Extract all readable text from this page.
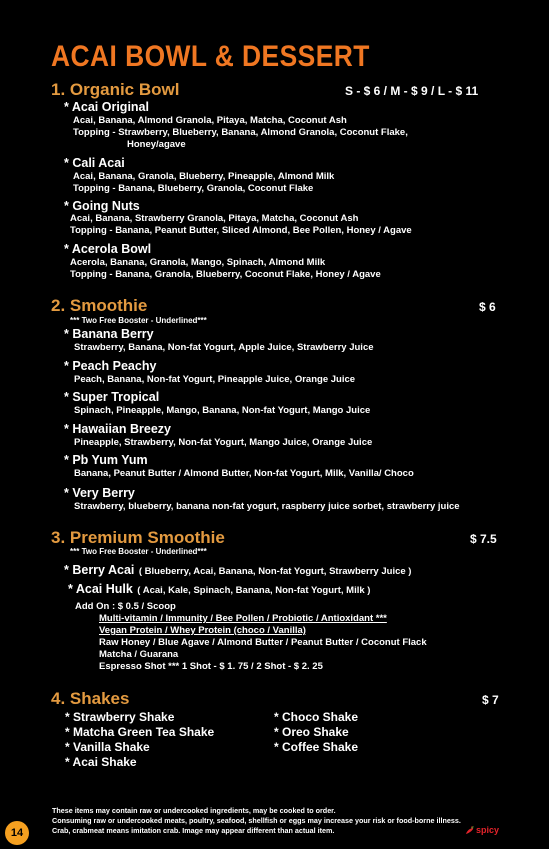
ACAI BOWL & DESSERT
1. Organic Bowl	S - $ 6 / M - $ 9 / L - $ 11
* Acai Original
Acai, Banana, Almond Granola, Pitaya, Matcha, Coconut Ash
Topping - Strawberry, Blueberry, Banana, Almond Granola, Coconut Flake,
Honey/agave
* Cali Acai
Acai, Banana, Granola, Blueberry, Pineapple, Almond Milk
Topping - Banana, Blueberry, Granola, Coconut Flake
* Going Nuts
Acai, Banana, Strawberry Granola, Pitaya, Matcha, Coconut Ash
Topping - Banana, Peanut Butter, Sliced Almond, Bee Pollen, Honey / Agave
* Acerola Bowl
Acerola, Banana, Granola, Mango, Spinach, Almond Milk
Topping - Banana, Granola, Blueberry, Coconut Flake, Honey / Agave
2. Smoothie	$ 6
*** Two Free Booster - Underlined***
* Banana Berry
Strawberry, Banana, Non-fat Yogurt, Apple Juice, Strawberry Juice
* Peach Peachy
Peach, Banana, Non-fat Yogurt, Pineapple Juice, Orange Juice
* Super Tropical
Spinach, Pineapple, Mango, Banana, Non-fat Yogurt, Mango Juice
* Hawaiian Breezy
Pineapple, Strawberry, Non-fat Yogurt, Mango Juice, Orange Juice
* Pb Yum Yum
Banana, Peanut Butter / Almond Butter, Non-fat Yogurt, Milk, Vanilla/ Choco
* Very Berry
Strawberry, blueberry, banana non-fat yogurt, raspberry juice sorbet, strawberry juice
3. Premium Smoothie	$ 7.5
*** Two Free Booster - Underlined***
* Berry Acai ( Blueberry, Acai, Banana, Non-fat Yogurt, Strawberry Juice )
* Acai Hulk ( Acai, Kale, Spinach, Banana, Non-fat Yogurt, Milk )
Add On : $ 0.5 / Scoop
Multi-vitamin / Immunity / Bee Pollen / Probiotic / Antioxidant ***
Vegan Protein / Whey Protein (choco / Vanilla)
Raw Honey / Blue Agave / Almond Butter / Peanut Butter / Coconut Flack
Matcha / Guarana
Espresso Shot *** 1 Shot - $ 1. 75 / 2 Shot - $ 2. 25
4. Shakes	$ 7
* Strawberry Shake
* Matcha Green Tea Shake
* Vanilla Shake
* Acai Shake
* Choco Shake
* Oreo Shake
* Coffee Shake
These items may contain raw or undercooked ingredients, may be cooked to order.
Consuming raw or undercooked meats, poultry, seafood, shellfish or eggs may increase your risk or food-borne illness.
Crab, crabmeat means imitation crab. Image may appear different than actual item.
14	spicy
